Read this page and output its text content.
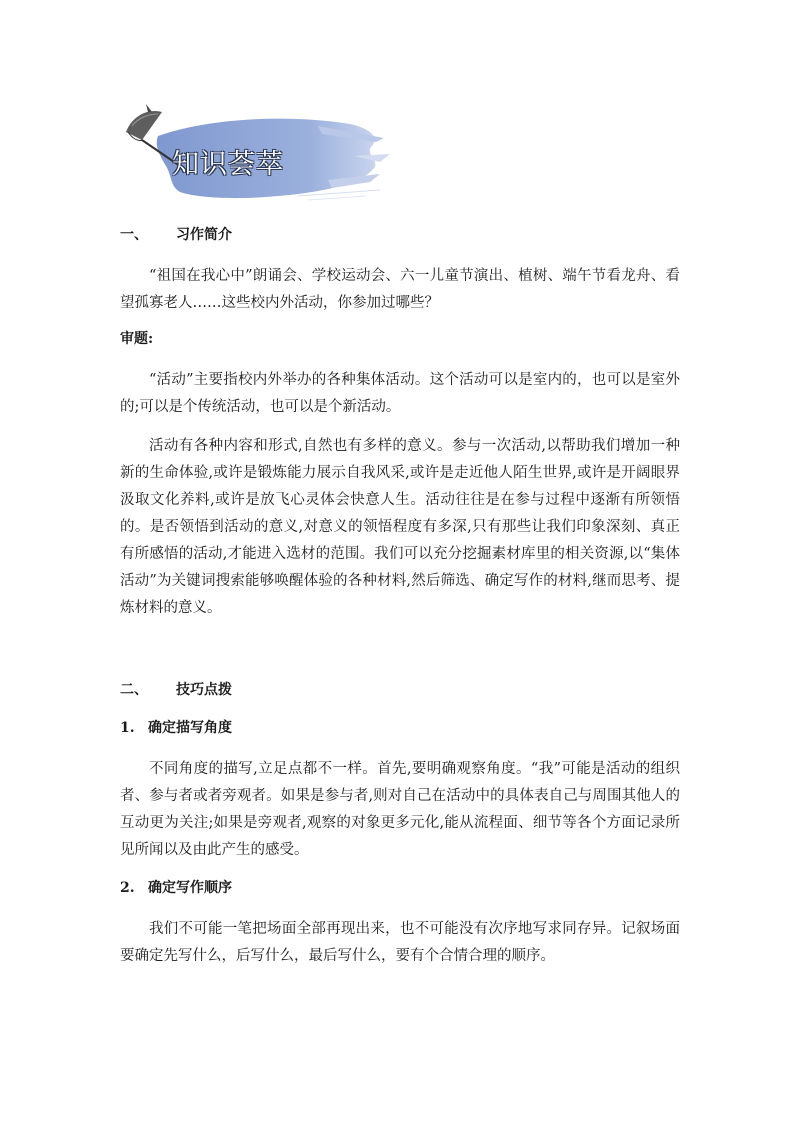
知识荟萃
一、 习作简介

“祖国在我心中”朗诵会、学校运动会、六一儿童节演出、植树、端午节看龙舟、看望孤寡老人……这些校内外活动，你参加过哪些？

审题:

“活动”主要指校内外举办的各种集体活动。这个活动可以是室内的，也可以是室外的;可以是个传统活动，也可以是个新活动。

活动有各种内容和形式,自然也有多样的意义。参与一次活动,以帮助我们增加一种新的生命体验,或许是锻炼能力展示自我风采,或许是走近他人陌生世界,或许是开阔眼界汲取文化养料,或许是放飞心灵体会快意人生。活动往往是在参与过程中逐渐有所领悟的。是否领悟到活动的意义,对意义的领悟程度有多深,只有那些让我们印象深刻、真正有所感悟的活动,才能进入选材的范围。我们可以充分挖掘素材库里的相关资源,以“集体活动”为关键词搜索能够唤醒体验的各种材料,然后筛选、确定写作的材料,继而思考、提炼材料的意义。

二、 技巧点拨
1. 确定描写角度

不同角度的描写,立足点都不一样。首先,要明确观察角度。“我”可能是活动的组织者、参与者或者旁观者。如果是参与者,则对自己在活动中的具体表自己与周围其他人的互动更为关注;如果是旁观者,观察的对象更多元化,能从流程面、细节等各个方面记录所见所闻以及由此产生的感受。

2. 确定写作顺序

我们不可能一笔把场面全部再现出来，也不可能没有次序地写求同存异。记叙场面要确定先写什么，后写什么，最后写什么，要有个合情合理的顺序。
